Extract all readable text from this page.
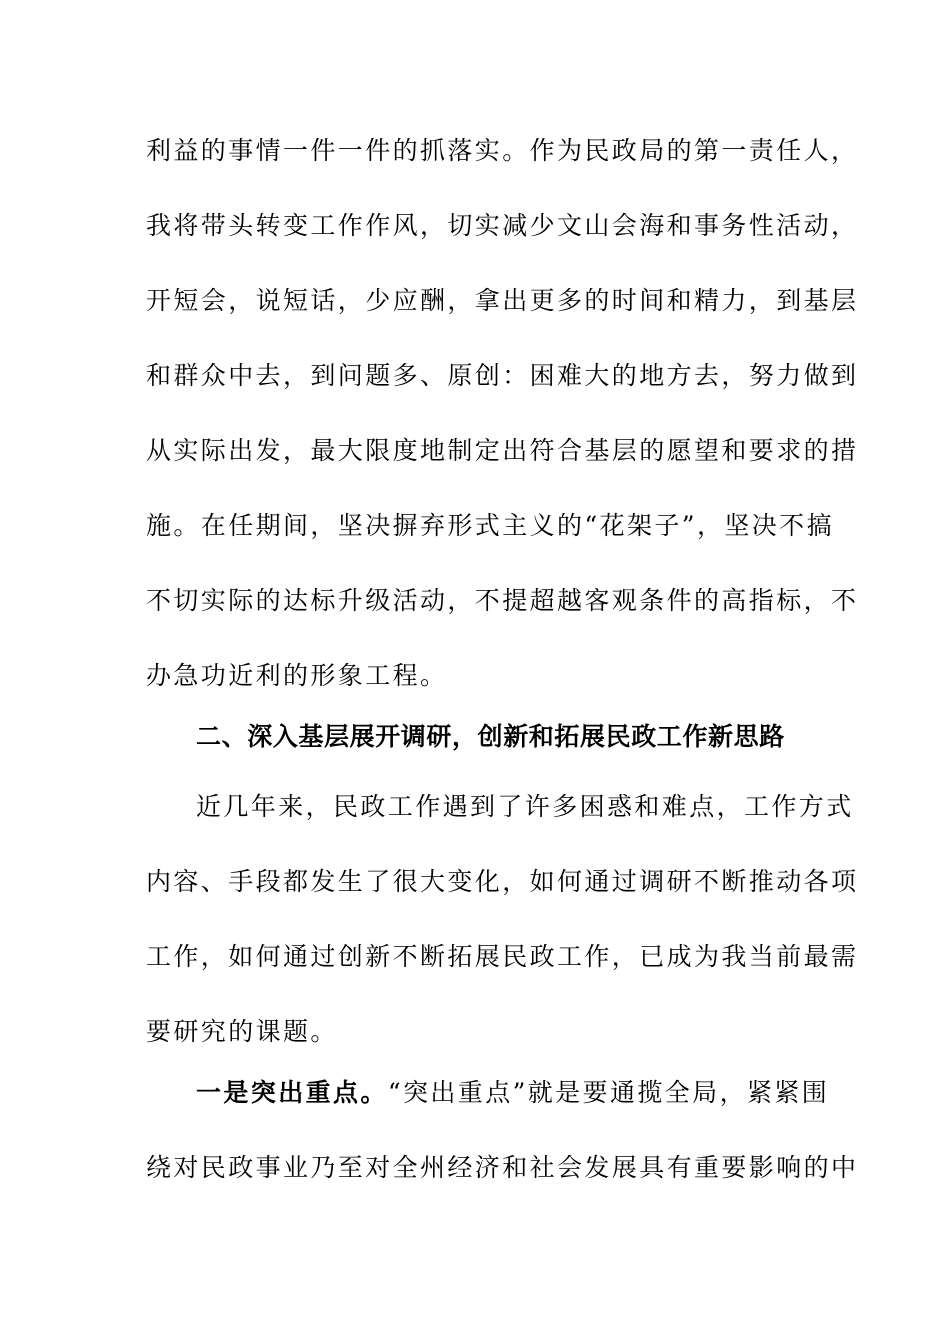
利益的事情一件一件的抓落实。作为民政局的第一责任人，
我将带头转变工作作风，切实减少文山会海和事务性活动，
开短会，说短话，少应酬，拿出更多的时间和精力，到基层
和群众中去，到问题多、原创：困难大的地方去，努力做到
从实际出发，最大限度地制定出符合基层的愿望和要求的措
施。在任期间，坚决摒弃形式主义的“花架子”，坚决不搞
不切实际的达标升级活动，不提超越客观条件的高指标，不
办急功近利的形象工程。
二、深入基层展开调研，创新和拓展民政工作新思路
近几年来，民政工作遇到了许多困惑和难点，工作方式
内容、手段都发生了很大变化，如何通过调研不断推动各项
工作，如何通过创新不断拓展民政工作，已成为我当前最需
要研究的课题。
一是突出重点。“突出重点”就是要通揽全局，紧紧围
绕对民政事业乃至对全州经济和社会发展具有重要影响的中
